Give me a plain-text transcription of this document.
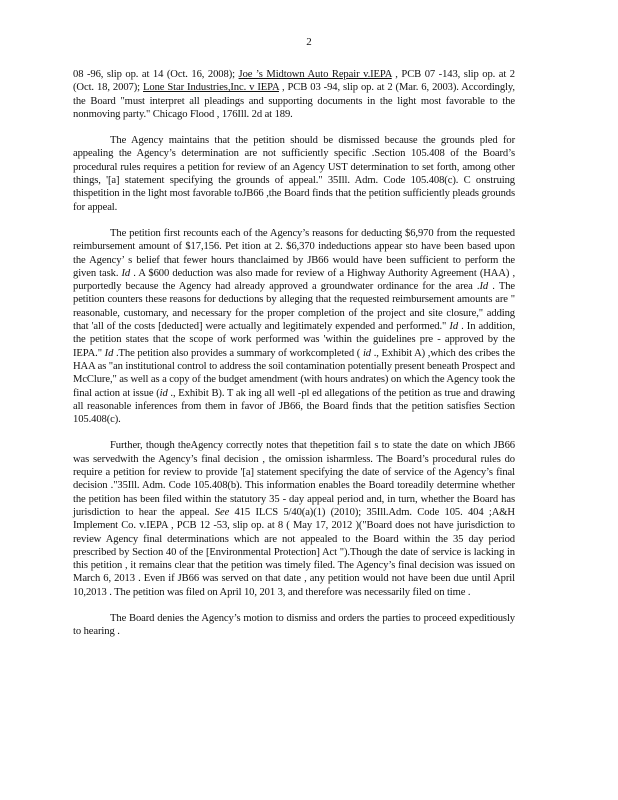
2

08 -96, slip op. at 14 (Oct. 16, 2008); Joe ’s Midtown Auto Repair v.IEPA , PCB 07 -143, slip op. at 2 (Oct. 18, 2007); Lone Star Industries,Inc. v IEPA , PCB 03 -94, slip op. at 2 (Mar. 6, 2003). Accordingly, the Board "must interpret all pleadings and supporting documents in the light most favorable to the nonmoving party." Chicago Flood , 176Ill. 2d at 189.

The Agency maintains that the petition should be dismissed because the grounds pled for appealing the Agency’s determination are not sufficiently specific .Section 105.408 of the Board’s procedural rules requires a petition for review of an Agency UST determination to set forth, among other things, '[a] statement specifying the grounds of appeal." 35Ill. Adm. Code 105.408(c). C onstruing thispetition in the light most favorable toJB66 ,the Board finds that the petition sufficiently pleads grounds for appeal.

The petition first recounts each of the Agency’s reasons for deducting $6,970 from the requested reimbursement amount of $17,156. Pet ition at 2. $6,370 indeductions appear sto have been based upon the Agency’ s belief that fewer hours thanclaimed by JB66 would have been sufficient to perform the given task. Id . A $600 deduction was also made for review of a Highway Authority Agreement (HAA) , purportedly because the Agency had already approved a groundwater ordinance for the area .Id . The petition counters these reasons for deductions by alleging that the requested reimbursement amounts are " reasonable, customary, and necessary for the proper completion of the project and site closure," adding that 'all of the costs [deducted] were actually and legitimately expended and performed." Id . In addition, the petition states that the scope of work performed was 'within the guidelines pre - approved by the IEPA." Id .The petition also provides a summary of workcompleted ( id ., Exhibit A) ,which des cribes the HAA as "an institutional control to address the soil contamination potentially present beneath Prospect and McClure," as well as a copy of the budget amendment (with hours andrates) on which the Agency took the final action at issue (id ., Exhibit B). T ak ing all well -pl ed allegations of the petition as true and drawing all reasonable inferences from them in favor of JB66, the Board finds that the petition satisfies Section 105.408(c).

Further, though theAgency correctly notes that thepetition fail s to state the date on which JB66 was servedwith the Agency’s final decision , the omission isharmless. The Board’s procedural rules do require a petition for review to provide '[a] statement specifying the date of service of the Agency’s final decision ."35Ill. Adm. Code 105.408(b). This information enables the Board toreadily determine whether the petition has been filed within the statutory 35 - day appeal period and, in turn, whether the Board has jurisdiction to hear the appeal. See 415 ILCS 5/40(a)(1) (2010); 35Ill.Adm. Code 105. 404 ;A&H Implement Co. v.IEPA , PCB 12 -53, slip op. at 8 ( May 17, 2012 )("Board does not have jurisdiction to review Agency final determinations which are not appealed to the Board within the 35 day period prescribed by Section 40 of the [Environmental Protection] Act ").Though the date of service is lacking in this petition , it remains clear that the petition was timely filed. The Agency’s final decision was issued on March 6, 2013 . Even if JB66 was served on that date , any petition would not have been due until April 10,2013 . The petition was filed on April 10, 201 3, and therefore was necessarily filed on time .

The Board denies the Agency’s motion to dismiss and orders the parties to proceed expeditiously to hearing .
